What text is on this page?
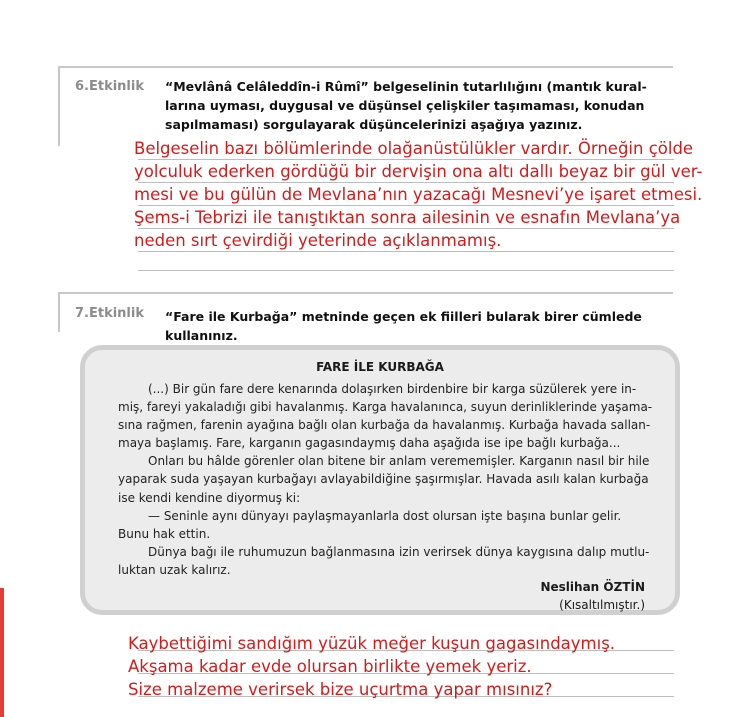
6.Etkinlik “Mevlânâ Celâleddîn-i Rûmî” belgeselinin tutarlılığını (mantık kural-
larına uyması, duygusal ve düşünsel çelişkiler taşımaması, konudan
sapılmaması) sorgulayarak düşüncelerinizi aşağıya yazınız.
Belgeselin bazı bölümlerinde olağanüstülükler vardır. Örneğin çölde
yolculuk ederken gördüğü bir dervişin ona altı dallı beyaz bir gül ver-
mesi ve bu gülün de Mevlana’nın yazacağı Mesnevi’ye işaret etmesi.
Şems-i Tebrizi ile tanıştıktan sonra ailesinin ve esnafın Mevlana’ya
neden sırt çevirdiği yeterinde açıklanmamış.
7.Etkinlik “Fare ile Kurbağa” metninde geçen ek fiilleri bularak birer cümlede
kullanınız.
FARE İLE KURBAĞA

(...) Bir gün fare dere kenarında dolaşırken birdenbire bir karga süzülerek yere in-

miş, fareyi yakaladığı gibi havalanmış. Karga havalanınca, suyun derinliklerinde yaşama-

sına rağmen, farenin ayağına bağlı olan kurbağa da havalanmış. Kurbağa havada sallan-

maya başlamış. Fare, karganın gagasındaymış daha aşağıda ise ipe bağlı kurbağa...

Onları bu hâlde görenler olan bitene bir anlam verememişler. Karganın nasıl bir hile

yaparak suda yaşayan kurbağayı avlayabildiğine şaşırmışlar. Havada asılı kalan kurbağa

ise kendi kendine diyormuş ki:

— Seninle aynı dünyayı paylaşmayanlarla dost olursan işte başına bunlar gelir.

Bunu hak ettin.

Dünya bağı ile ruhumuzun bağlanmasına izin verirsek dünya kaygısına dalıp mutlu-

luktan uzak kalırız.

Neslihan ÖZTİN
(Kısaltılmıştır.)
Kaybettiğimi sandığım yüzük meğer kuşun gagasındaymış.
Akşama kadar evde olursan birlikte yemek yeriz.
Size malzeme verirsek bize uçurtma yapar mısınız?
